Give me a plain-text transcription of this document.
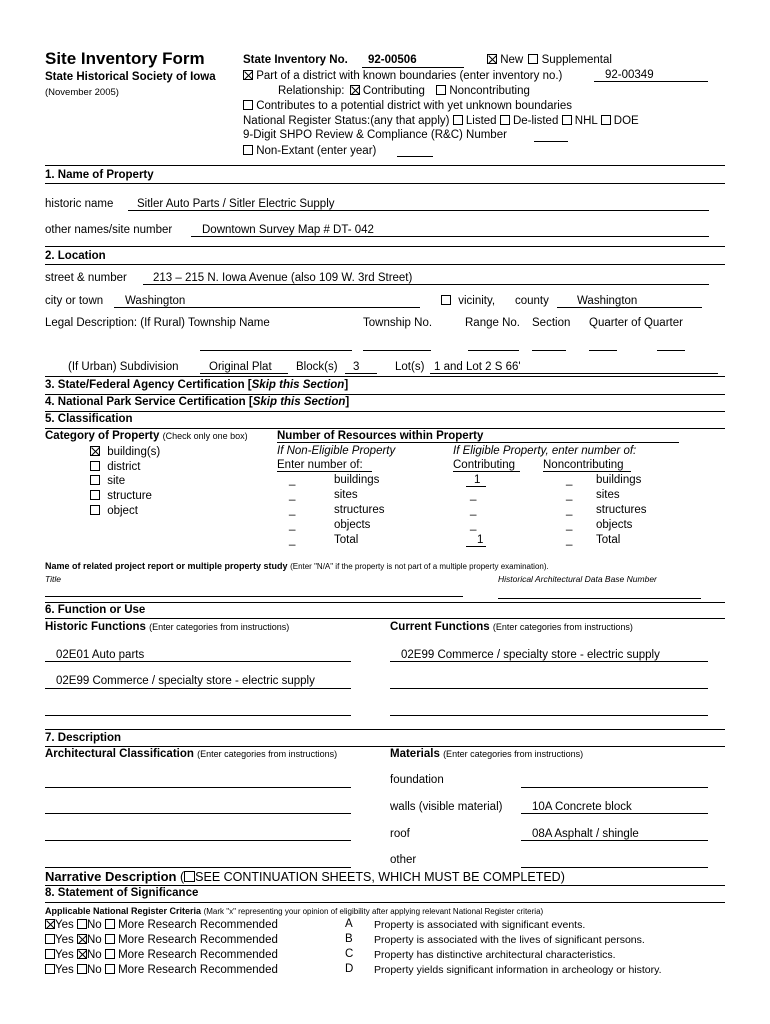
Site Inventory Form
State Historical Society of Iowa
(November 2005)
State Inventory No. 92-00506	New Supplemental
Part of a district with known boundaries (enter inventory no.)	92-00349
Relationship: Contributing Noncontributing
Contributes to a potential district with yet unknown boundaries
National Register Status:(any that apply) Listed De-listed NHL DOE
9-Digit SHPO Review & Compliance (R&C) Number
Non-Extant (enter year)
1. Name of Property
historic name Sitler Auto Parts / Sitler Electric Supply
other names/site number	Downtown Survey Map # DT- 042
2. Location
street & number 213 – 215 N. Iowa Avenue (also 109 W. 3rd Street)
city or town Washington	vicinity, county Washington
Legal Description: (If Rural) Township Name	Township No.	Range No. Section Quarter of Quarter
(If Urban) Subdivision	Original Plat Block(s) 3	Lot(s) 1 and Lot 2 S 66'
3. State/Federal Agency Certification [Skip this Section]
4. National Park Service Certification [Skip this Section]
5. Classification
Category of Property (Check only one box)	Number of Resources within Property
building(s)
district
site
structure
object
If Non-Eligible Property
Enter number of:
If Eligible Property, enter number of:
Contributing Noncontributing
_	buildings	1	_ buildings
_	sites	_	_ sites
_	structures	_	_ structures
_	objects	_	_ objects
_	Total	1	_ Total
Name of related project report or multiple property study (Enter "N/A" if the property is not part of a multiple property examination).
Title	Historical Architectural Data Base Number
6. Function or Use
Historic Functions (Enter categories from instructions)	Current Functions (Enter categories from instructions)
02E01 Auto parts	02E99 Commerce / specialty store - electric supply
02E99 Commerce / specialty store - electric supply
7. Description
Architectural Classification (Enter categories from instructions)	Materials (Enter categories from instructions)
foundation
walls (visible material)	10A Concrete block
roof	08A Asphalt / shingle
other
Narrative Description ( SEE CONTINUATION SHEETS, WHICH MUST BE COMPLETED)
8. Statement of Significance
Applicable National Register Criteria (Mark "x" representing your opinion of eligibility after applying relevant National Register criteria)
Yes No More Research Recommended	A Property is associated with significant events.
Yes No More Research Recommended	B Property is associated with the lives of significant persons.
Yes No More Research Recommended	C Property has distinctive architectural characteristics.
Yes No More Research Recommended	D Property yields significant information in archeology or history.
